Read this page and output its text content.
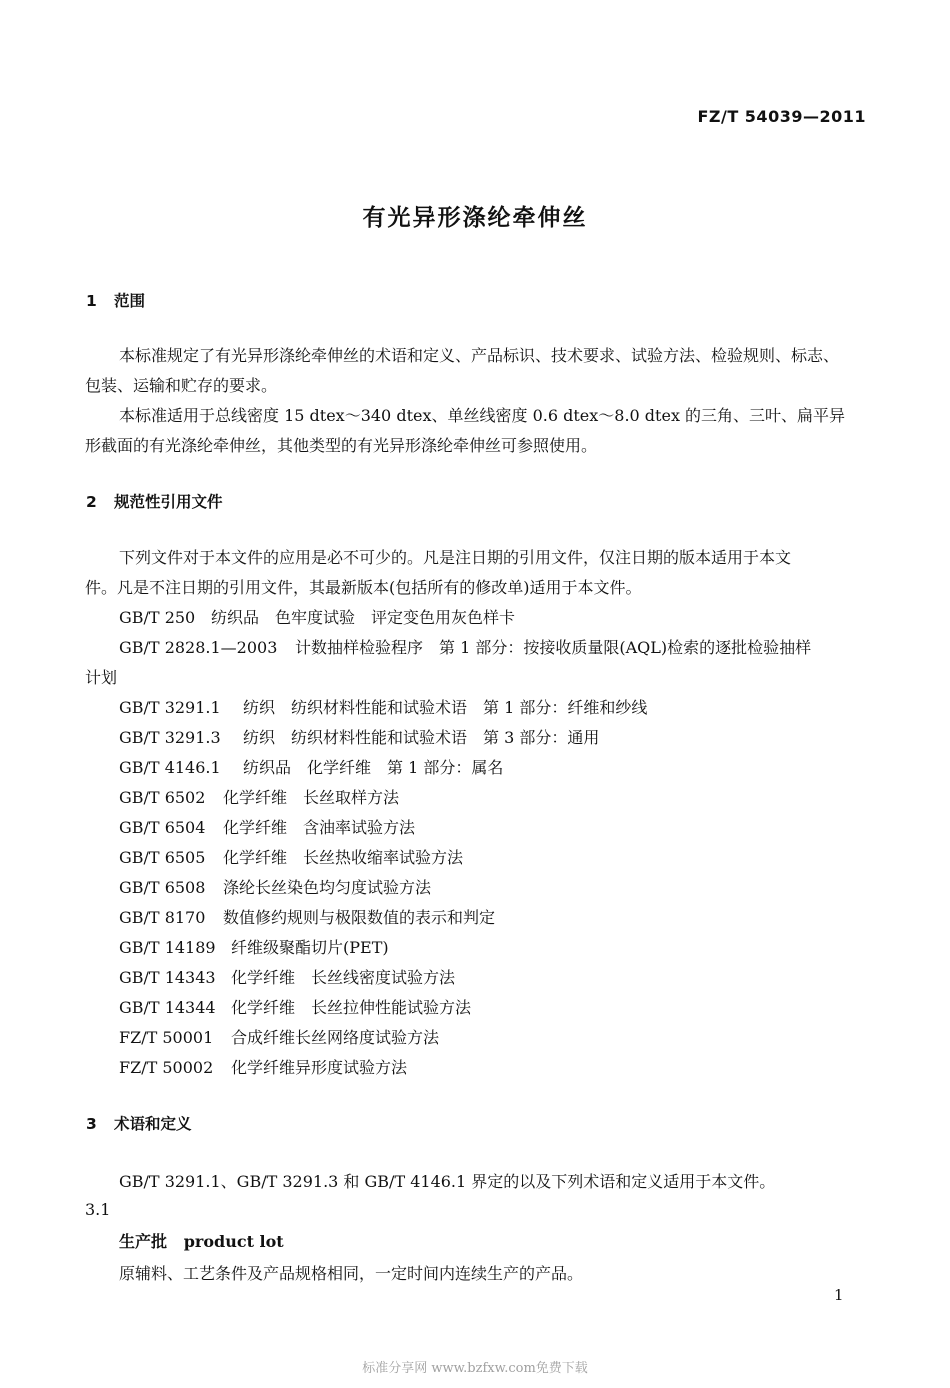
FZ/T 54039—2011
有光异形涤纶牵伸丝
1 范围
本标准规定了有光异形涤纶牵伸丝的术语和定义、产品标识、技术要求、试验方法、检验规则、标志、
包装、运输和贮存的要求。
本标准适用于总线密度 15 dtex～340 dtex、单丝线密度 0.6 dtex～8.0 dtex 的三角、三叶、扁平异
形截面的有光涤纶牵伸丝，其他类型的有光异形涤纶牵伸丝可参照使用。
2 规范性引用文件
下列文件对于本文件的应用是必不可少的。凡是注日期的引用文件，仅注日期的版本适用于本文
件。凡是不注日期的引用文件，其最新版本(包括所有的修改单)适用于本文件。
GB/T 250 纺织品　色牢度试验　评定变色用灰色样卡
GB/T 2828.1—2003 计数抽样检验程序　第 1 部分：按接收质量限(AQL)检索的逐批检验抽样
计划
GB/T 3291.1 纺织　纺织材料性能和试验术语　第 1 部分：纤维和纱线
GB/T 3291.3 纺织　纺织材料性能和试验术语　第 3 部分：通用
GB/T 4146.1 纺织品　化学纤维　第 1 部分：属名
GB/T 6502 化学纤维　长丝取样方法
GB/T 6504 化学纤维　含油率试验方法
GB/T 6505 化学纤维　长丝热收缩率试验方法
GB/T 6508 涤纶长丝染色均匀度试验方法
GB/T 8170 数值修约规则与极限数值的表示和判定
GB/T 14189 纤维级聚酯切片(PET)
GB/T 14343 化学纤维　长丝线密度试验方法
GB/T 14344 化学纤维　长丝拉伸性能试验方法
FZ/T 50001 合成纤维长丝网络度试验方法
FZ/T 50002 化学纤维异形度试验方法
3 术语和定义
GB/T 3291.1、GB/T 3291.3 和 GB/T 4146.1 界定的以及下列术语和定义适用于本文件。
3.1
生产批 product lot
原辅料、工艺条件及产品规格相同，一定时间内连续生产的产品。
1
标准分享网 www.bzfxw.com免费下载
